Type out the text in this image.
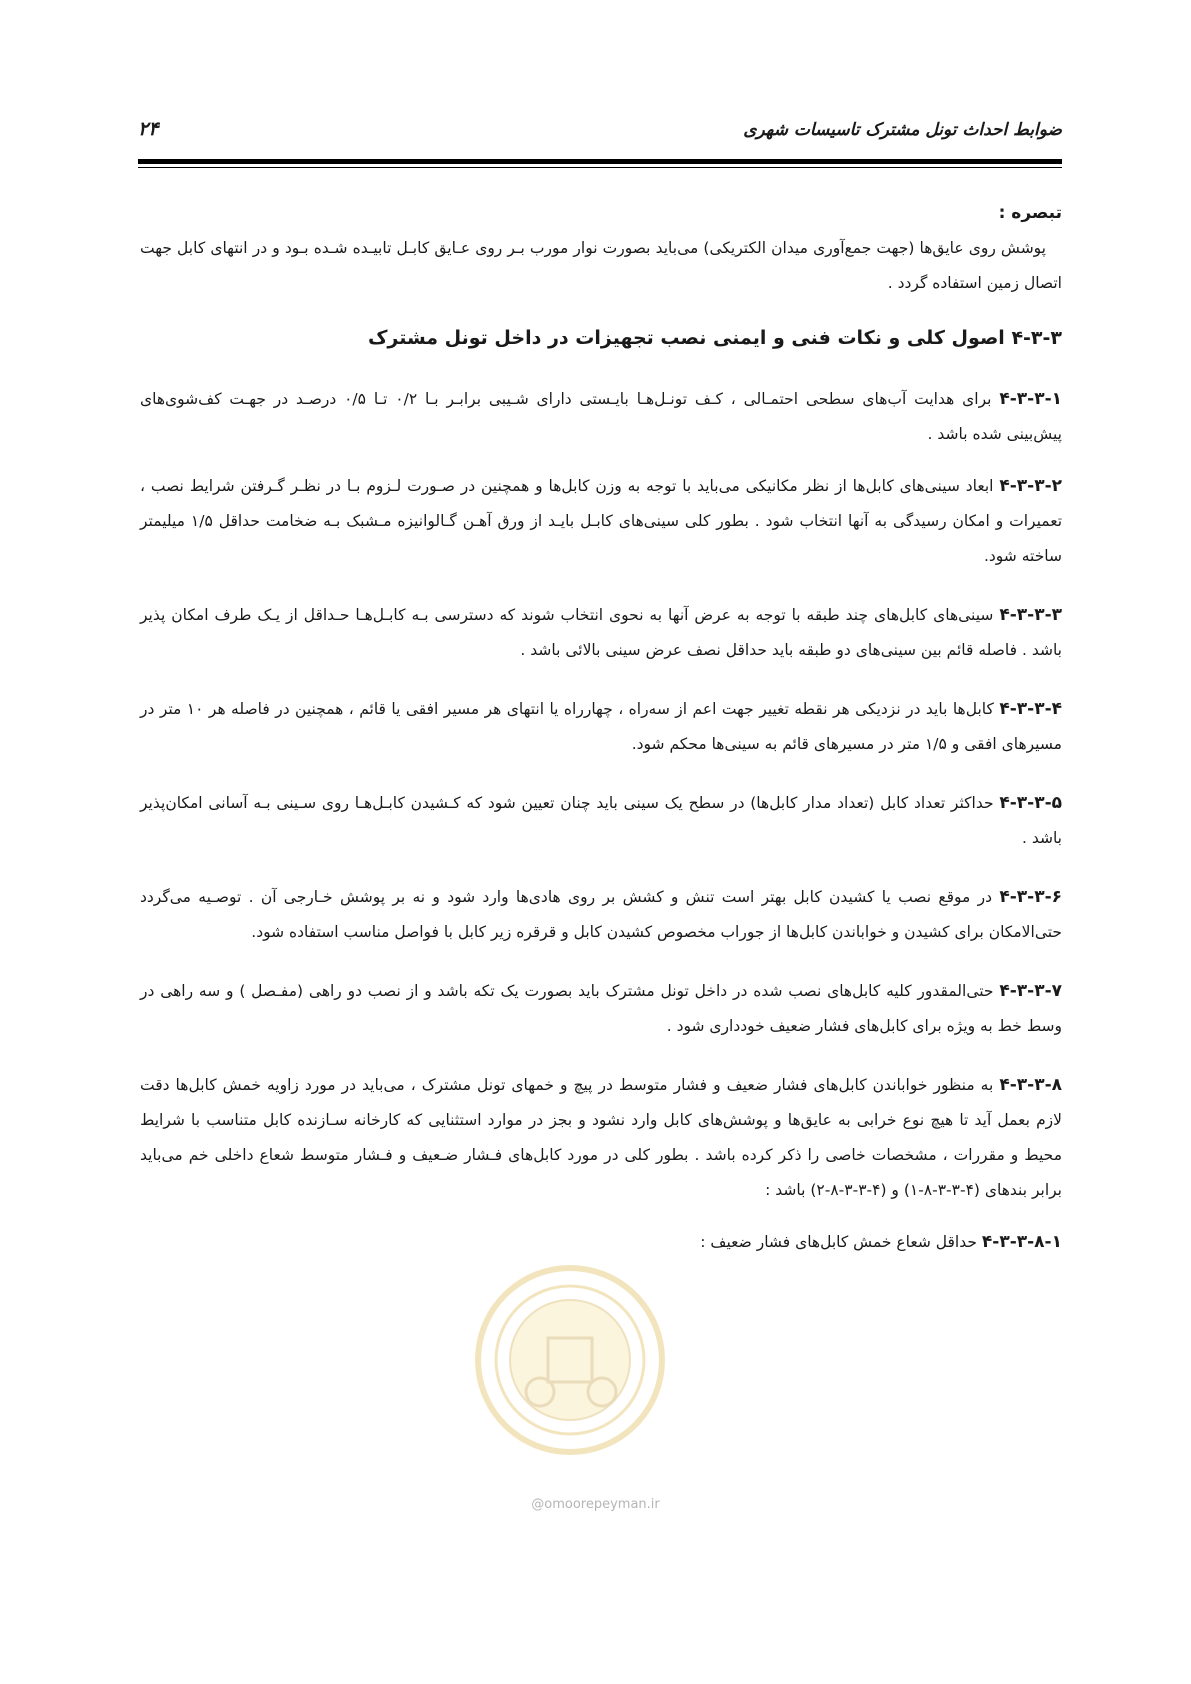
ضوابط احداث تونل مشترک تاسیسات شهری
۲۴

تبصره :

پوشش روی عایق‌ها (جهت جمع‌آوری میدان الکتریکی) می‌باید بصورت نوار مورب بـر روی عـایق کابـل تابیـده شـده بـود و در انتهای کابل جهت اتصال زمین استفاده گردد .

۴-۳-۳ اصول کلی و نکات فنی و ایمنی نصب تجهیزات در داخل تونل مشترک

۴-۳-۳-۱ برای هدایت آب‌های سطحی احتمـالی ، کـف تونـل‌هـا بایـستی دارای شـیبی برابـر بـا ۰/۲ تـا ۰/۵ درصـد در جهـت کف‌شوی‌های پیش‌بینی شده باشد .

۴-۳-۳-۲ ابعاد سینی‌های کابل‌ها از نظر مکانیکی می‌باید با توجه به وزن کابل‌ها و همچنین در صـورت لـزوم بـا در نظـر گـرفتن شرایط نصب ، تعمیرات و امکان رسیدگی به آنها انتخاب شود . بطور کلی سینی‌های کابـل بایـد از ورق آهـن گـالوانیزه مـشبک بـه ضخامت حداقل ۱/۵ میلیمتر ساخته شود.

۴-۳-۳-۳ سینی‌های کابل‌های چند طبقه با توجه به عرض آنها به نحوی انتخاب شوند که دسترسی بـه کابـل‌هـا حـداقل از یـک طرف امکان پذیر باشد . فاصله قائم بین سینی‌های دو طبقه باید حداقل نصف عرض سینی بالائی باشد .

۴-۳-۳-۴ کابل‌ها باید در نزدیکی هر نقطه تغییر جهت اعم از سه‌راه ، چهارراه یا انتهای هر مسیر افقی یا قائم ، همچنین در فاصله هر ۱۰ متر در مسیرهای افقی و ۱/۵ متر در مسیرهای قائم به سینی‌ها محکم شود.

۴-۳-۳-۵ حداکثر تعداد کابل (تعداد مدار کابل‌ها) در سطح یک سینی باید چنان تعیین شود که کـشیدن کابـل‌هـا روی سـینی بـه آسانی امکان‌پذیر باشد .

۴-۳-۳-۶ در موقع نصب یا کشیدن کابل بهتر است تنش و کشش بر روی هادی‌ها وارد شود و نه بر پوشش خـارجی آن . توصـیه می‌گردد حتی‌الامکان برای کشیدن و خواباندن کابل‌ها از جوراب مخصوص کشیدن کابل و قرقره زیر کابل با فواصل مناسب استفاده شود.

۴-۳-۳-۷ حتی‌المقدور کلیه کابل‌های نصب شده در داخل تونل مشترک باید بصورت یک تکه باشد و از نصب دو راهی (مفـصل ) و سه راهی در وسط خط به ویژه برای کابل‌های فشار ضعیف خودداری شود .

۴-۳-۳-۸ به منظور خواباندن کابل‌های فشار ضعیف و فشار متوسط در پیچ و خمهای تونل مشترک ، می‌باید در مورد زاویه خمش کابل‌ها دقت لازم بعمل آید تا هیچ نوع خرابی به عایق‌ها و پوشش‌های کابل وارد نشود و بجز در موارد استثنایی که کارخانه سـازنده کابل متناسب با شرایط محیط و مقررات ، مشخصات خاصی را ذکر کرده باشد . بطور کلی در مورد کابل‌های فـشار ضـعیف و فـشار متوسط شعاع داخلی خم می‌باید برابر بندهای (۴-۳-۳-۸-۱) و (۴-۳-۳-۸-۲) باشد :

۴-۳-۳-۸-۱ حداقل شعاع خمش کابل‌های فشار ضعیف :

@omoorepeyman.ir
